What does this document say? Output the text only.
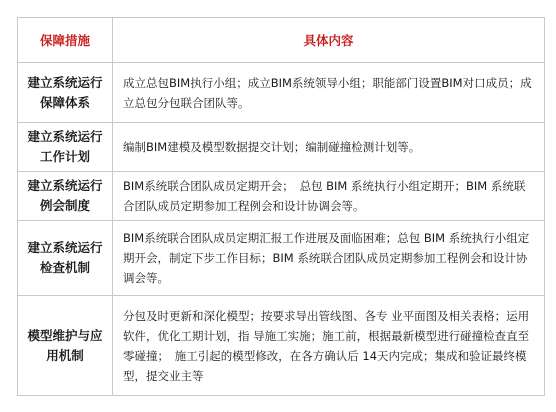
保障措施	具体内容
建立系统运行
保障体系	成立总包BIM执行小组；成立BIM系统领导小组；职能部门设置BIM对口成员；成立总包分包联合团队等。
建立系统运行
工作计划	编制BIM建模及模型数据提交计划；编制碰撞检测计划等。
建立系统运行
例会制度	BIM系统联合团队成员定期开会；　总包 BIM 系统执行小组定期开；BIM 系统联合团队成员定期参加工程例会和设计协调会等。
建立系统运行
检查机制	BIM系统联合团队成员定期汇报工作进展及面临困难；总包 BIM 系统执行小组定期开会，制定下步工作目标；BIM 系统联合团队成员定期参加工程例会和设计协调会等。
模型维护与应
用机制	分包及时更新和深化模型；按要求导出管线图、各专 业平面图及相关表格；运用软件，优化工期计划，指 导施工实施；施工前，根据最新模型进行碰撞检查直至零碰撞；　施工引起的模型修改，在各方确认后 14天内完成；集成和验证最终模型，提交业主等
